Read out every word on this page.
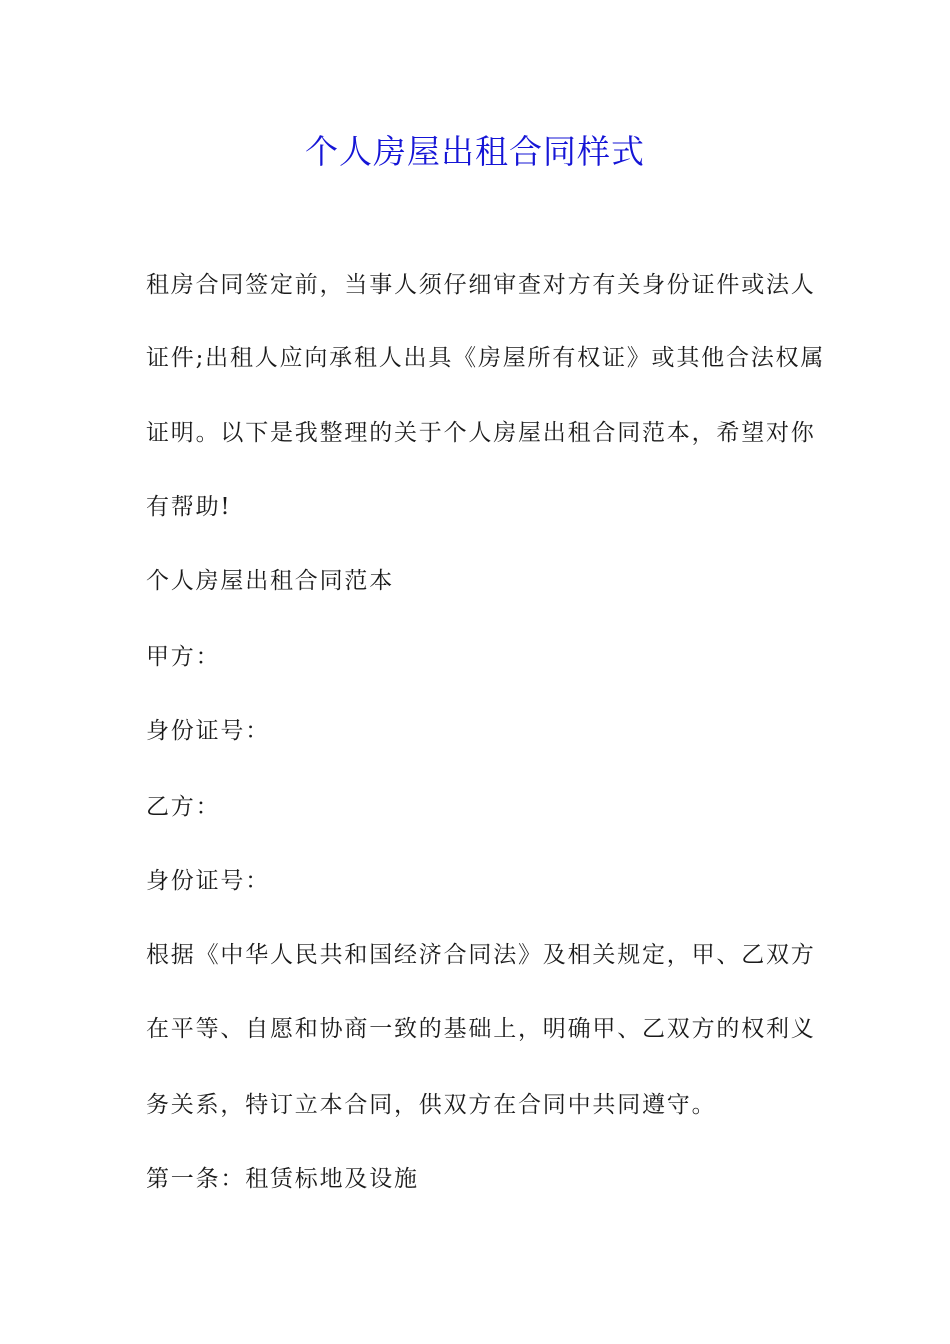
个人房屋出租合同样式

租房合同签定前，当事人须仔细审查对方有关身份证件或法人

证件;出租人应向承租人出具《房屋所有权证》或其他合法权属

证明。以下是我整理的关于个人房屋出租合同范本，希望对你

有帮助!

个人房屋出租合同范本

甲方：

身份证号：

乙方：

身份证号：

根据《中华人民共和国经济合同法》及相关规定，甲、乙双方

在平等、自愿和协商一致的基础上，明确甲、乙双方的权利义

务关系，特订立本合同，供双方在合同中共同遵守。

第一条：租赁标地及设施
